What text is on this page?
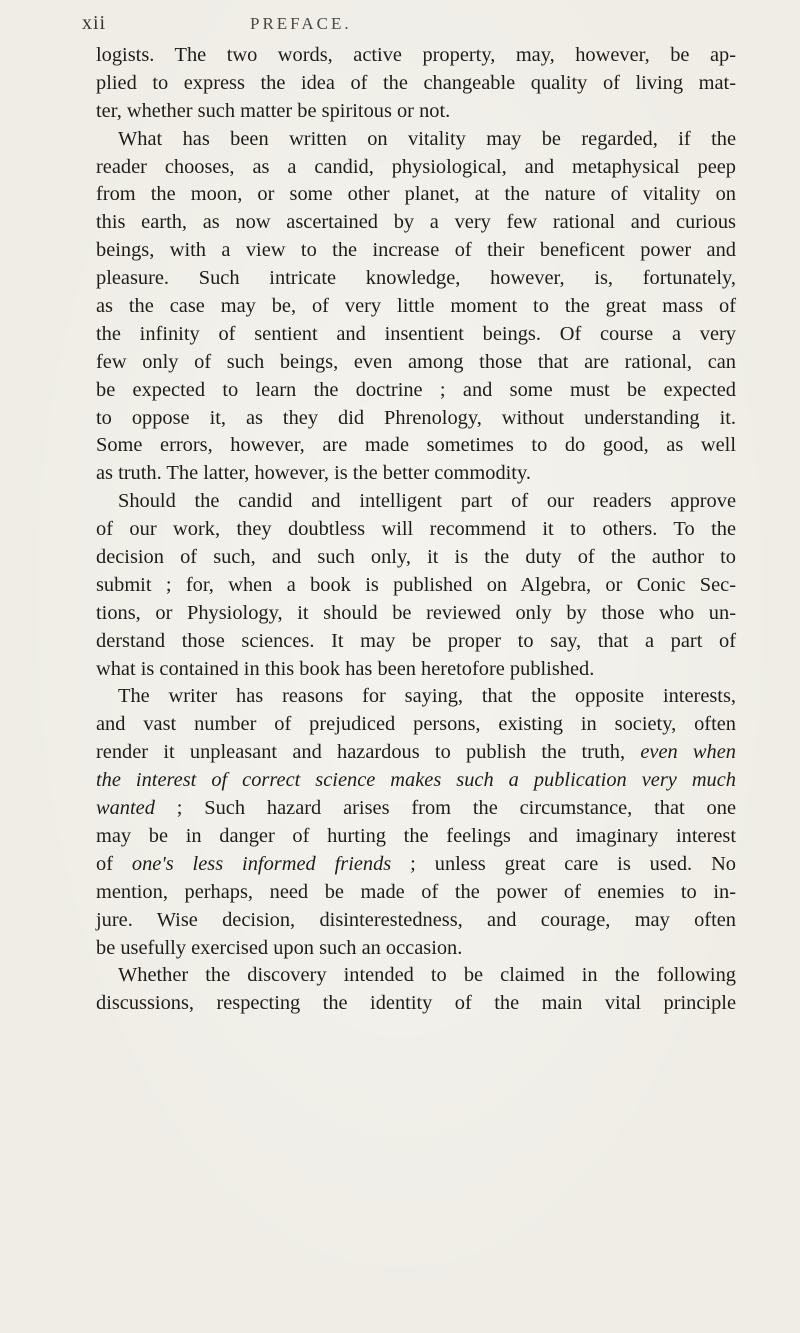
xii	PREFACE.
logists. The two words, active property, may, however, be ap-
plied to express the idea of the changeable quality of living mat-
ter, whether such matter be spiritous or not.
What has been written on vitality may be regarded, if the
reader chooses, as a candid, physiological, and metaphysical peep
from the moon, or some other planet, at the nature of vitality on
this earth, as now ascertained by a very few rational and curious
beings, with a view to the increase of their beneficent power and
pleasure. Such intricate knowledge, however, is, fortunately,
as the case may be, of very little moment to the great mass of
the infinity of sentient and insentient beings. Of course a very
few only of such beings, even among those that are rational, can
be expected to learn the doctrine ; and some must be expected
to oppose it, as they did Phrenology, without understanding it.
Some errors, however, are made sometimes to do good, as well
as truth. The latter, however, is the better commodity.
Should the candid and intelligent part of our readers approve
of our work, they doubtless will recommend it to others. To the
decision of such, and such only, it is the duty of the author to
submit ; for, when a book is published on Algebra, or Conic Sec-
tions, or Physiology, it should be reviewed only by those who un-
derstand those sciences. It may be proper to say, that a part of
what is contained in this book has been heretofore published.
The writer has reasons for saying, that the opposite interests,
and vast number of prejudiced persons, existing in society, often
render it unpleasant and hazardous to publish the truth, even when
the interest of correct science makes such a publication very much
wanted ; Such hazard arises from the circumstance, that one
may be in danger of hurting the feelings and imaginary interest
of one's less informed friends ; unless great care is used. No
mention, perhaps, need be made of the power of enemies to in-
jure. Wise decision, disinterestedness, and courage, may often
be usefully exercised upon such an occasion.
Whether the discovery intended to be claimed in the following
discussions, respecting the identity of the main vital principle
